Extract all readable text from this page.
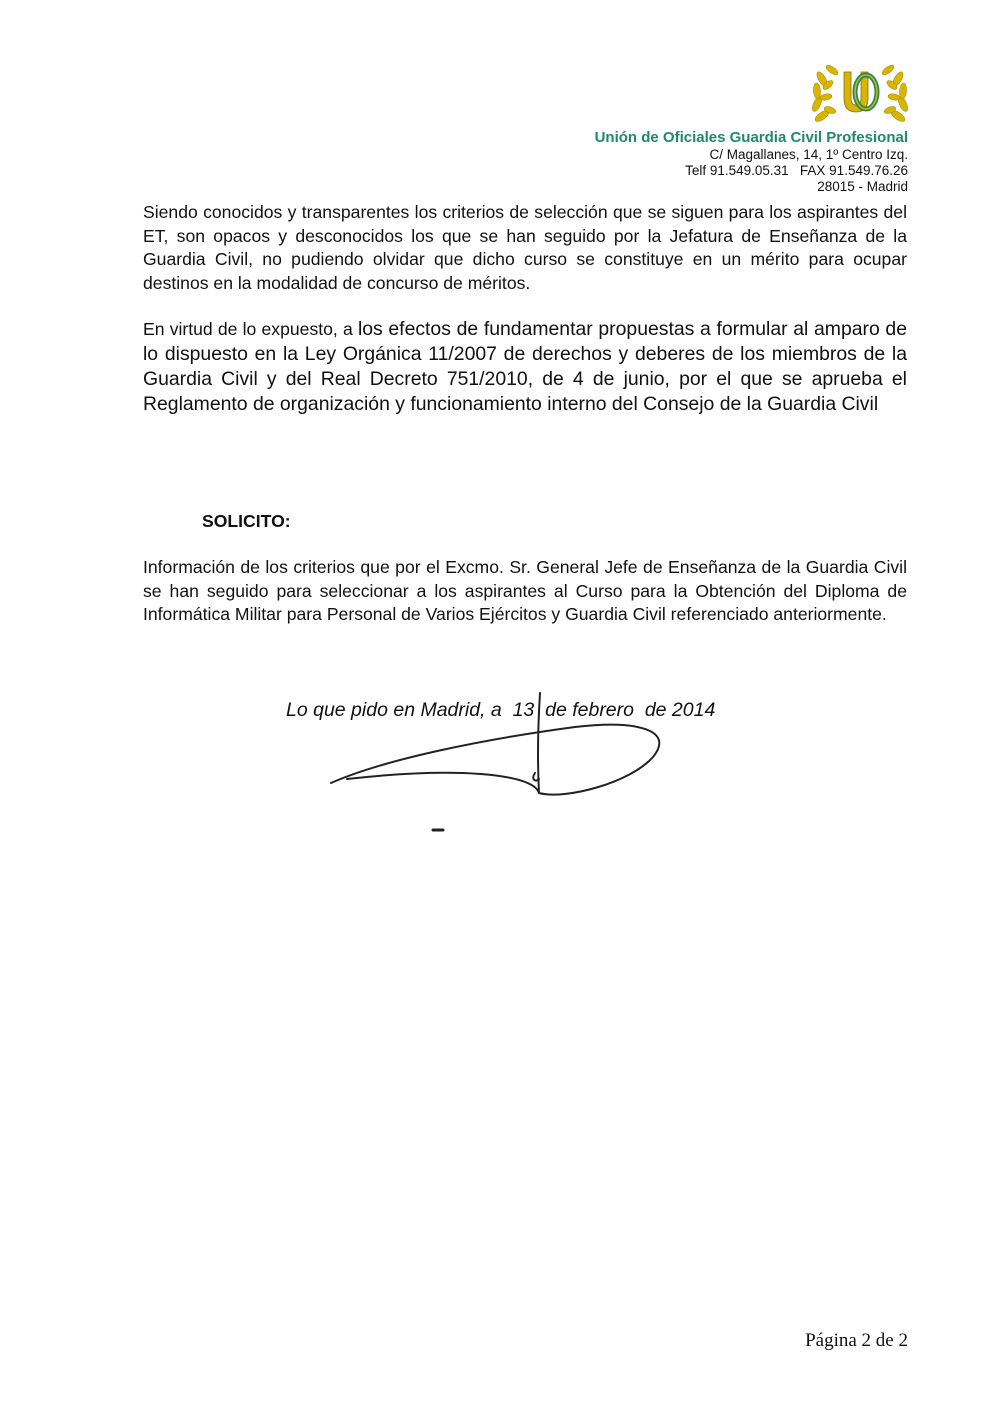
Unión de Oficiales Guardia Civil Profesional
C/ Magallanes, 14, 1º Centro Izq.
Telf 91.549.05.31   FAX 91.549.76.26
28015 - Madrid
Siendo conocidos y transparentes los criterios de selección que se siguen para los aspirantes del ET, son opacos y desconocidos los que se han seguido por la Jefatura de Enseñanza de la Guardia Civil, no pudiendo olvidar que dicho curso se constituye en un mérito para ocupar destinos en la modalidad de concurso de méritos.
En virtud de lo expuesto, a los efectos de fundamentar propuestas a formular al amparo de lo dispuesto en la Ley Orgánica 11/2007 de derechos y deberes de los miembros de la Guardia Civil y del Real Decreto 751/2010, de 4 de junio, por el que se aprueba el Reglamento de organización y funcionamiento interno del Consejo de la Guardia Civil
SOLICITO:
Información de los criterios que por el Excmo. Sr. General Jefe de Enseñanza de la Guardia Civil se han seguido para seleccionar a los aspirantes al Curso para la Obtención del Diploma de Informática Militar para Personal de Varios Ejércitos y Guardia Civil referenciado anteriormente.
Lo que pido en Madrid, a  13  de febrero  de 2014
Página 2 de 2
